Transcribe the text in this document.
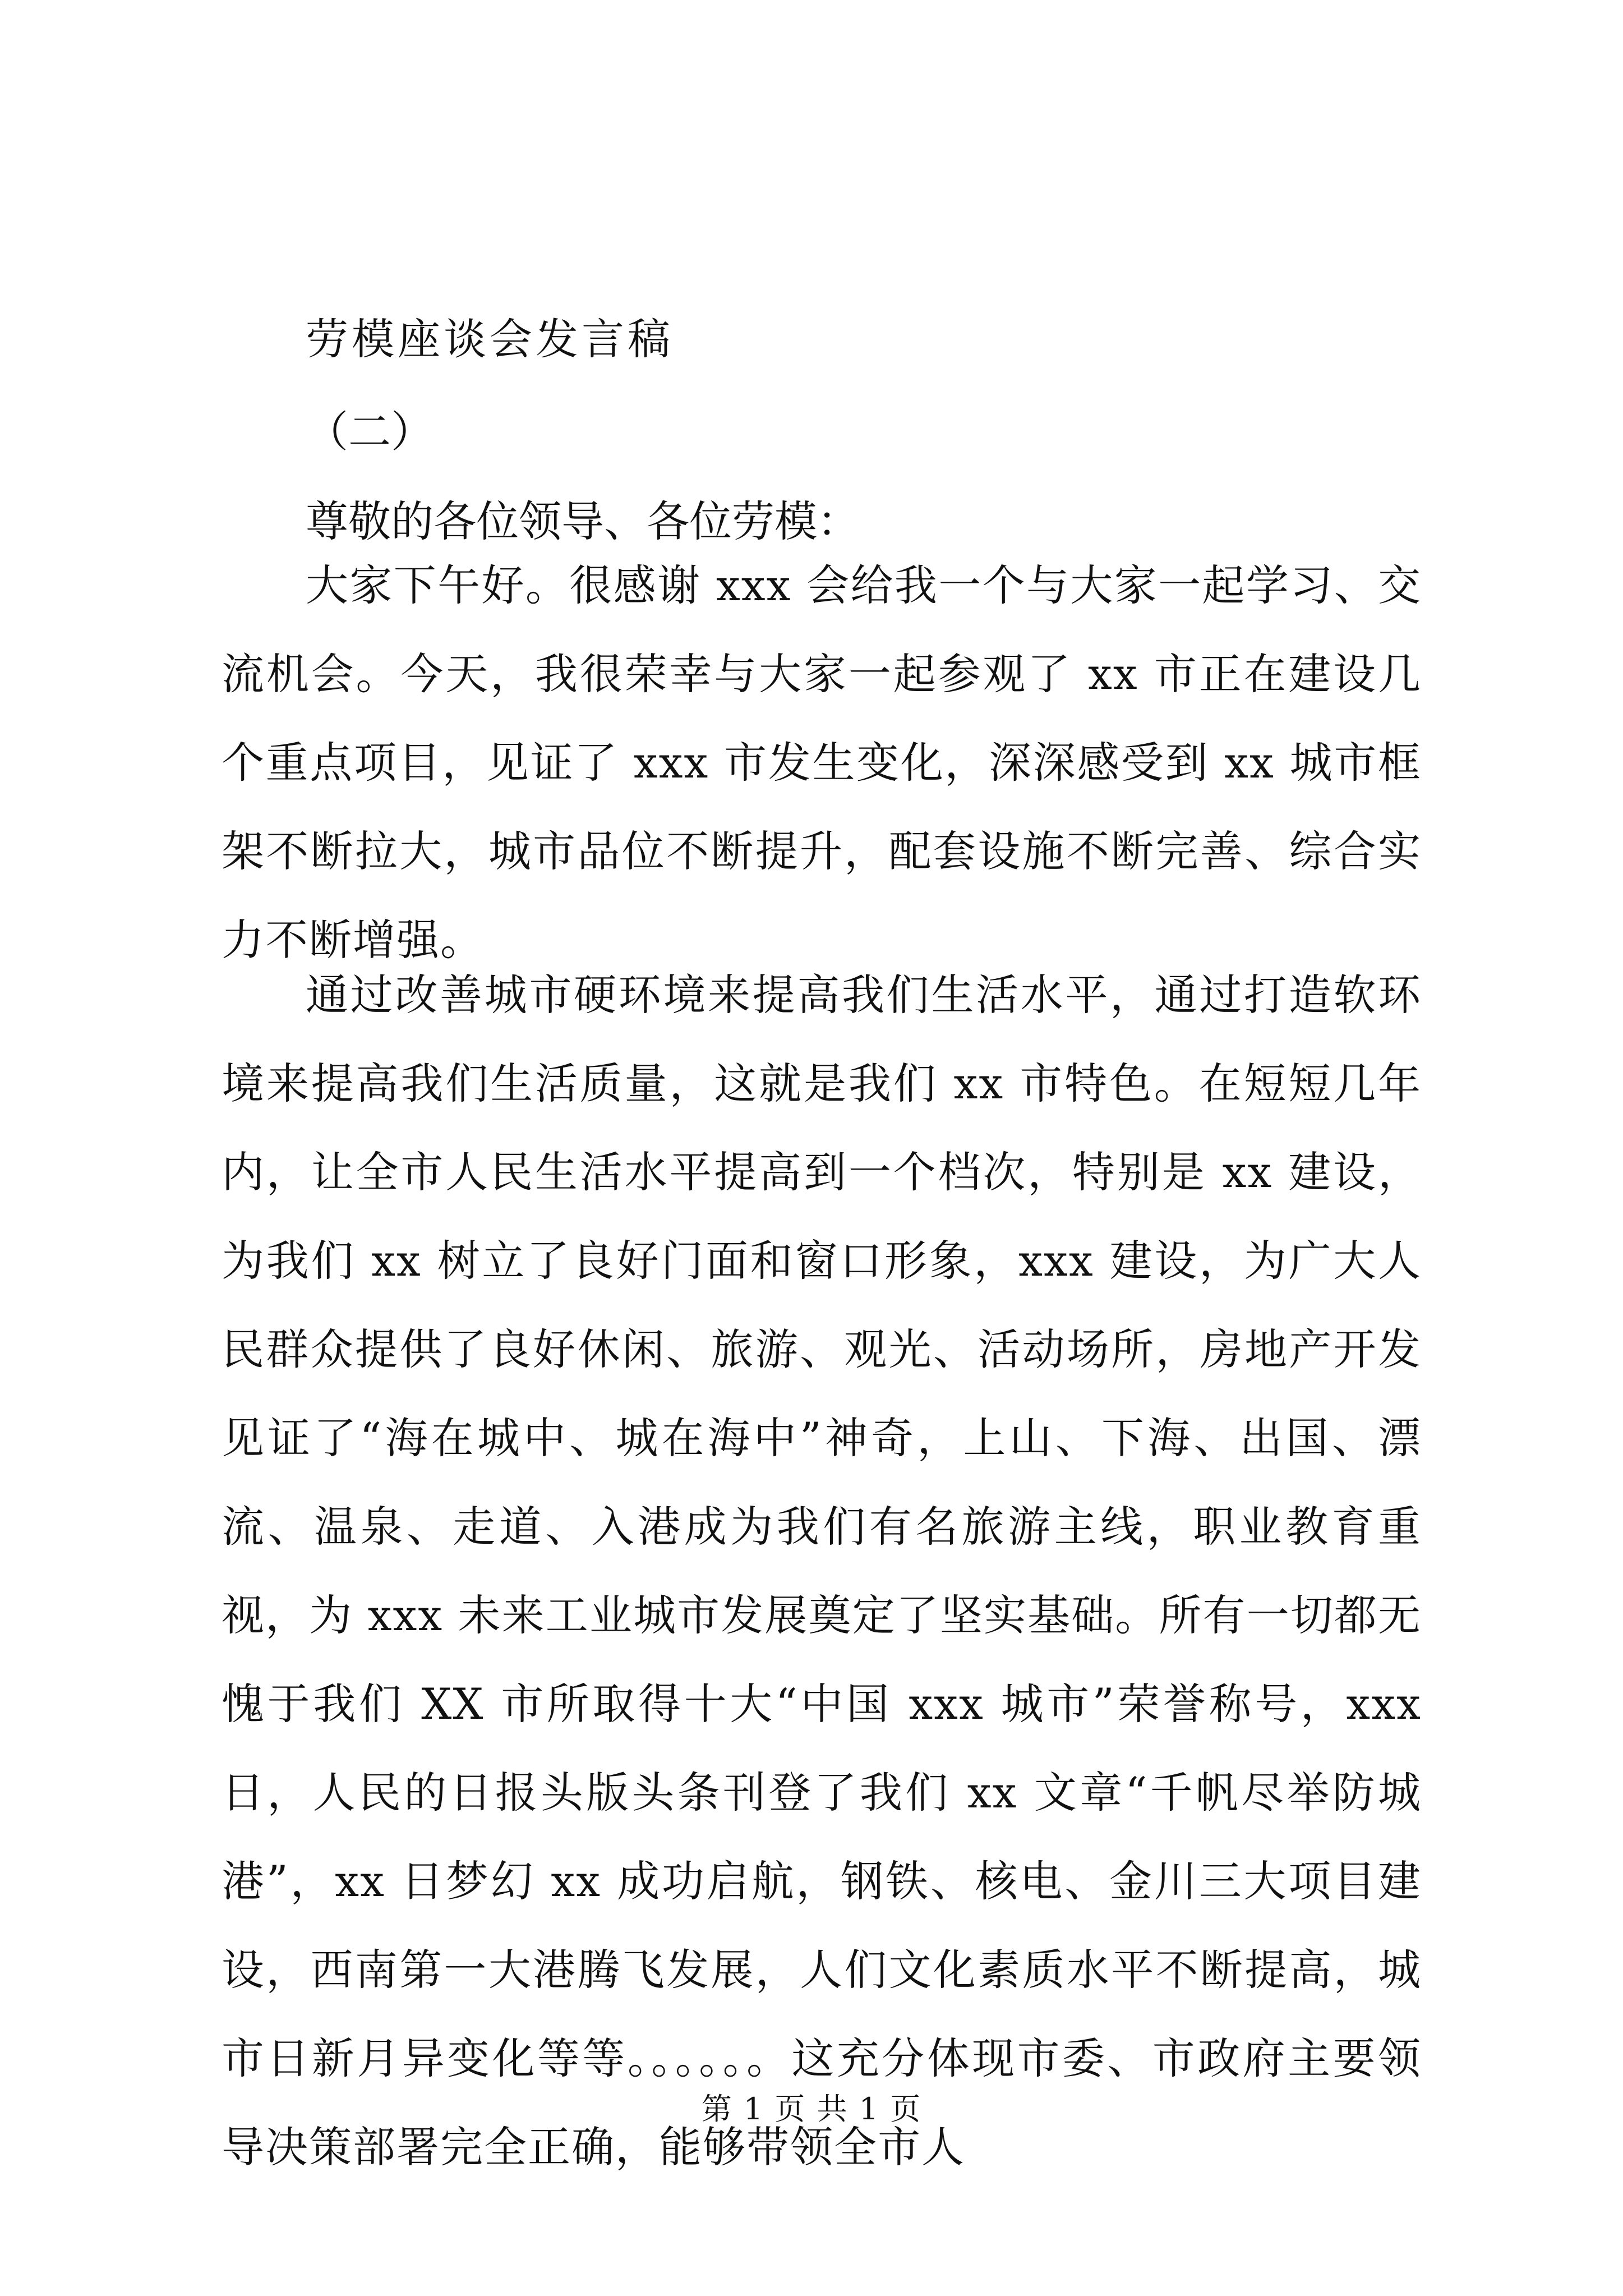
劳模座谈会发言稿
（二）
尊敬的各位领导、各位劳模：
大家下午好。很感谢 xxx 会给我一个与大家一起学习、交流机会。今天，我很荣幸与大家一起参观了 xx 市正在建设几个重点项目，见证了 xxx 市发生变化，深深感受到 xx 城市框架不断拉大，城市品位不断提升，配套设施不断完善、综合实力不断增强。
通过改善城市硬环境来提高我们生活水平，通过打造软环境来提高我们生活质量，这就是我们 xx 市特色。在短短几年内，让全市人民生活水平提高到一个档次，特别是 xx 建设，为我们 xx 树立了良好门面和窗口形象，xxx 建设，为广大人民群众提供了良好休闲、旅游、观光、活动场所，房地产开发见证了“海在城中、城在海中”神奇，上山、下海、出国、漂流、温泉、走道、入港成为我们有名旅游主线，职业教育重视，为 xxx 未来工业城市发展奠定了坚实基础。所有一切都无愧于我们 XX 市所取得十大“中国 xxx 城市”荣誉称号，xxx 日，人民的日报头版头条刊登了我们 xx 文章“千帆尽举防城港”，xx 日梦幻 xx 成功启航，钢铁、核电、金川三大项目建设，西南第一大港腾飞发展，人们文化素质水平不断提高，城市日新月异变化等等。。。。。。这充分体现市委、市政府主要领导决策部署完全正确，能够带领全市人
第 1 页 共 1 页
